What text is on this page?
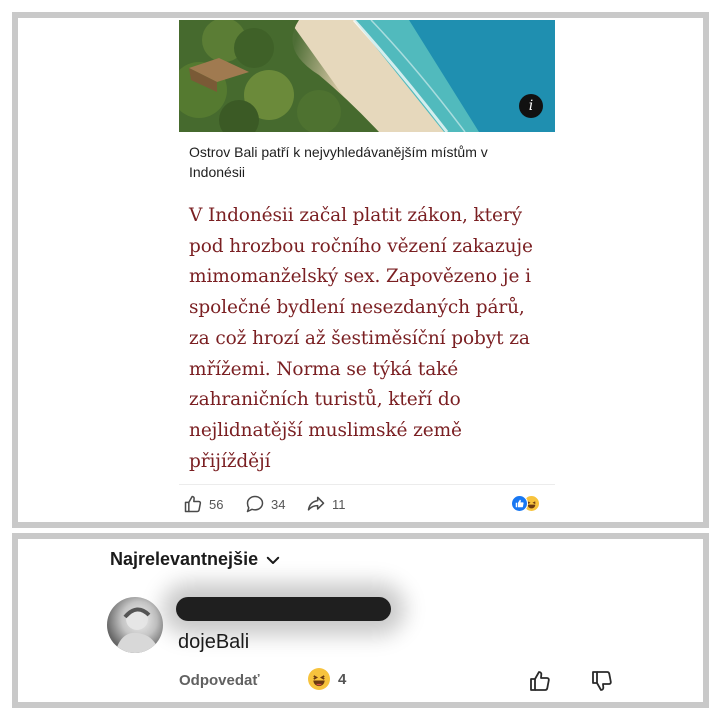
i
Ostrov Bali patří k nejvyhledávanějším místům v Indonésii
V Indonésii začal platit zákon, který pod hrozbou ročního vězení zakazuje mimomanželský sex. Zapovězeno je i společné bydlení nesezdaných párů, za což hrozí až šestiměsíční pobyt za mřížemi. Norma se týká také zahraničních turistů, kteří do nejlidnatější muslimské země přijíždějí
56	34	11
Najrelevantnejšie
dojeBali
Odpovedať	4
